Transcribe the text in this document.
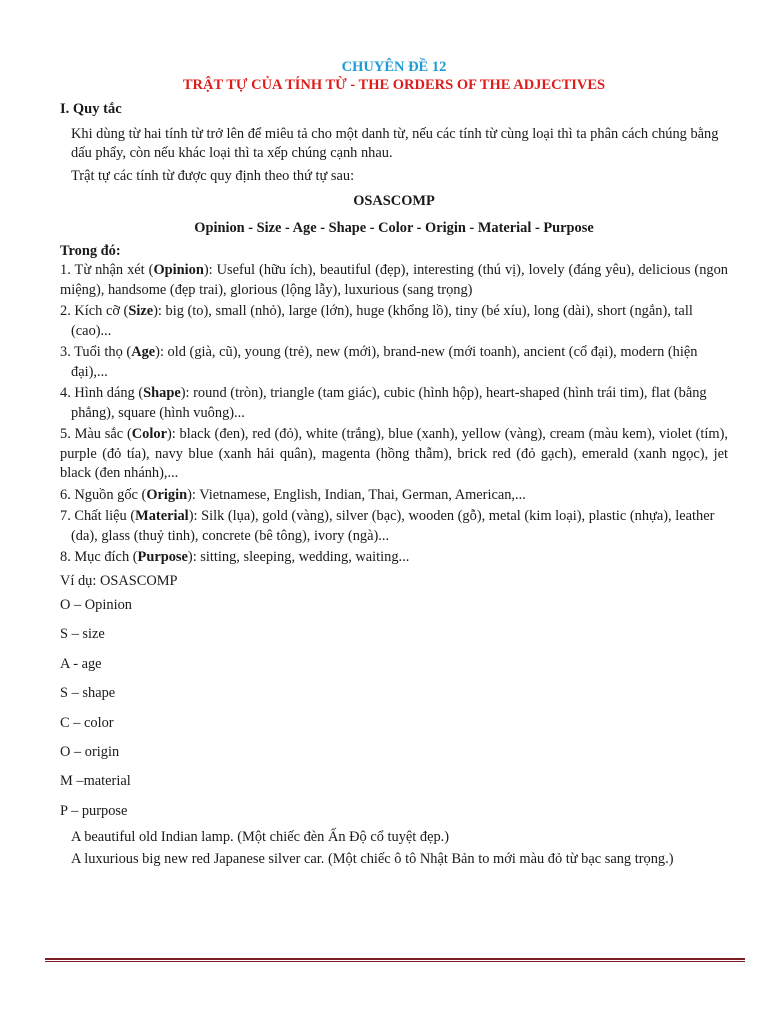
CHUYÊN ĐỀ 12
TRẬT TỰ CỦA TÍNH TỪ - THE ORDERS OF THE ADJECTIVES
I. Quy tắc
Khi dùng từ hai tính từ trở lên để miêu tả cho một danh từ, nếu các tính từ cùng loại thì ta phân cách chúng bằng dấu phẩy, còn nếu khác loại thì ta xếp chúng cạnh nhau.
Trật tự các tính từ được quy định theo thứ tự sau:
OSASCOMP
Opinion - Size - Age - Shape - Color - Origin - Material - Purpose
Trong đó:
1. Từ nhận xét (Opinion): Useful (hữu ích), beautiful (đẹp), interesting (thú vị), lovely (đáng yêu), delicious (ngon miệng), handsome (đẹp trai), glorious (lộng lẫy), luxurious (sang trọng)
2. Kích cỡ (Size): big (to), small (nhỏ), large (lớn), huge (khổng lồ), tiny (bé xíu), long (dài), short (ngắn), tall (cao)...
3. Tuổi thọ (Age): old (già, cũ), young (trẻ), new (mới), brand-new (mới toanh), ancient (cổ đại), modern (hiện đại),...
4. Hình dáng (Shape): round (tròn), triangle (tam giác), cubic (hình hộp), heart-shaped (hình trái tim), flat (bằng phẳng), square (hình vuông)...
5. Màu sắc (Color): black (đen), red (đỏ), white (trắng), blue (xanh), yellow (vàng), cream (màu kem), violet (tím), purple (đỏ tía), navy blue (xanh hải quân), magenta (hồng thẫm), brick red (đỏ gạch), emerald (xanh ngọc), jet black (đen nhánh),...
6. Nguồn gốc (Origin): Vietnamese, English, Indian, Thai, German, American,...
7. Chất liệu (Material): Silk (lụa), gold (vàng), silver (bạc), wooden (gỗ), metal (kim loại), plastic (nhựa), leather (da), glass (thuỷ tinh), concrete (bê tông), ivory (ngà)...
8. Mục đích (Purpose): sitting, sleeping, wedding, waiting...
Ví dụ: OSASCOMP
O – Opinion
S – size
A - age
S – shape
C – color
O – origin
M –material
P – purpose
A beautiful old Indian lamp. (Một chiếc đèn Ấn Độ cổ tuyệt đẹp.)
A luxurious big new red Japanese silver car. (Một chiếc ô tô Nhật Bản to mới màu đỏ từ bạc sang trọng.)
